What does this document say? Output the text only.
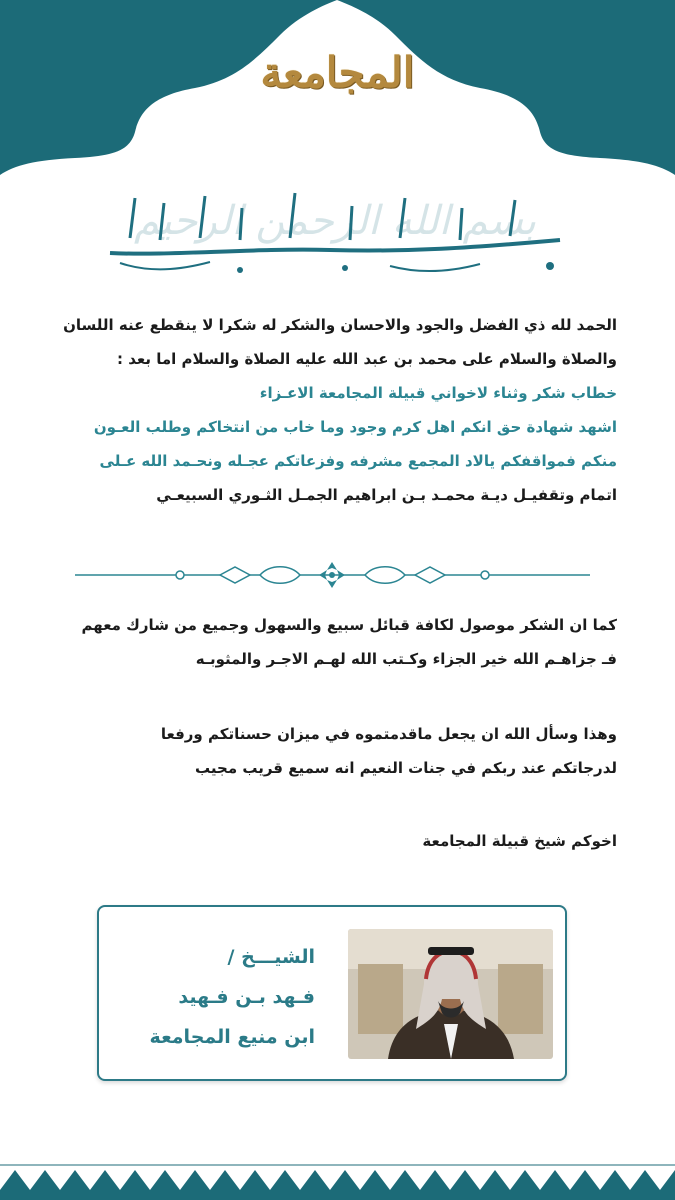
المجامعة
بسم الله الرحمن الرحيم
الحمد لله ذي الفضل والجود والاحسان والشكر له شكرا لا ينقطع عنه اللسان
والصلاة والسلام على محمد بن عبد الله عليه الصلاة والسلام اما بعد :
خطاب شكر وثناء لاخواني قبيلة المجامعة الاعـزاء
اشهد شهادة حق انكم اهل كرم وجود وما خاب من انتخاكم وطلب العـون
منكم فمواقفكم يالاد المجمع مشرفه وفزعاتكم عجـله ونحـمد الله عـلى
اتمام وتقفيـل ديـة محمـد بـن ابراهيم الجمـل الثـوري السبيعـي
كما ان الشكر موصول لكافة قبائل سبيع والسهول وجميع من شارك معهم
فـ جزاهـم الله خير الجزاء وكـتب الله لهـم الاجـر والمثوبـه
وهذا وسأل الله ان يجعل ماقدمتموه في ميزان حسناتكم ورفعا
لدرجاتكم عند ربكم في جنات النعيم انه سميع قريب مجيب
اخوكم شيخ قبيلة المجامعة
الشيـــخ /
فـهد بـن فـهيد
ابن منيع المجامعة
